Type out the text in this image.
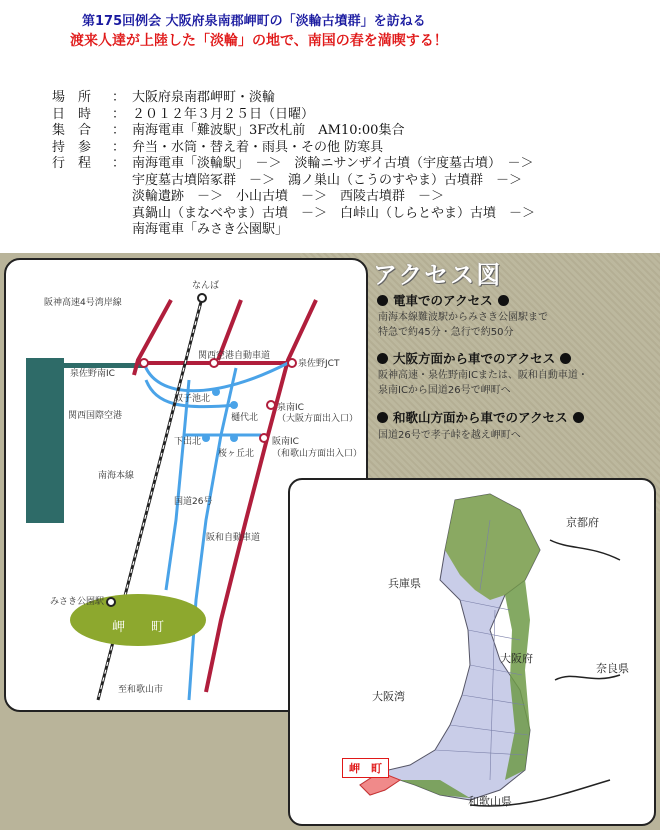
第175回例会 大阪府泉南郡岬町の「淡輪古墳群」を訪ねる
渡来人達が上陸した「淡輪」の地で、南国の春を満喫する！
場　所	： 大阪府泉南郡岬町・淡輪
日　時	： ２０１２年３月２５日（日曜）
集　合	： 南海電車「難波駅」3F改札前　AM10:00集合
持　参	： 弁当・水筒・替え着・雨具・その他 防寒具
行　程	： 南海電車「淡輪駅」　－＞　淡輪ニサンザイ古墳（宇度墓古墳）　－＞
宇度墓古墳陪冢群　－＞　鴻ノ巣山（こうのすやま）古墳群　－＞
淡輪遺跡　－＞　小山古墳　－＞　西陵古墳群　－＞
真鍋山（まなべやま）古墳　－＞　白峠山（しらとやま）古墳　－＞
南海電車「みさき公園駅」
なんば
阪神高速4号湾岸線
関西空港自動車道
泉佐野JCT
泉佐野南IC
関西国際空港
双子池北
樋代北
泉南IC
（大阪方面出入口）
下出北
桜ヶ丘北
阪南IC
（和歌山方面出入口）
南海本線
国道26号
阪和自動車道
みさき公園駅
岬　　町
至和歌山市
アクセス図
電車でのアクセス
南海本線難波駅からみさき公園駅まで
特急で約45分・急行で約50分
大阪方面から車でのアクセス
阪神高速・泉佐野南ICまたは、阪和自動車道・
泉南ICから国道26号で岬町へ
和歌山方面から車でのアクセス
国道26号で孝子峠を越え岬町へ
京都府
兵庫県
大阪府
奈良県
大阪湾
岬　町
和歌山県
